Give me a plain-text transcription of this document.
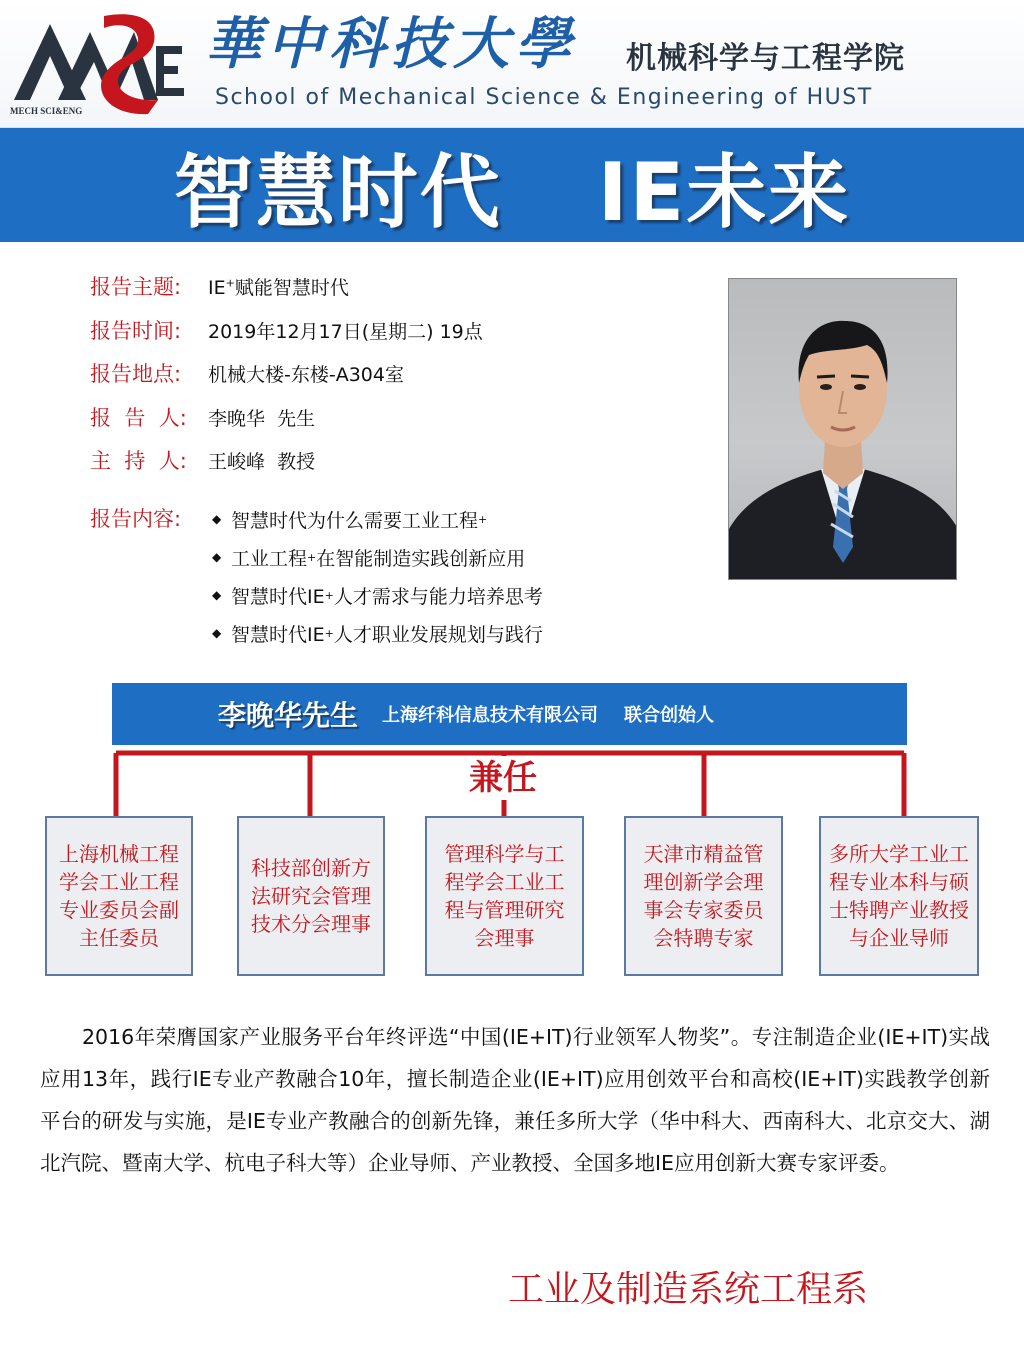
MECH SCI&ENG
華中科技大學 机械科学与工程学院
School of Mechanical Science & Engineering of HUST
智慧时代 IE未来
报告主题:	IE+赋能智慧时代
报告时间:	2019年12月17日(星期二) 19点
报告地点:	机械大楼-东楼-A304室
报  告  人:	李晚华  先生
主  持  人:	王峻峰  教授
报告内容:	◆ 智慧时代为什么需要工业工程 +
◆ 工业工程 + 在智能制造实践创新应用
◆ 智慧时代IE + 人才需求与能力培养思考
◆ 智慧时代IE + 人才职业发展规划与践行
李晚华先生 上海纤科信息技术有限公司 联合创始人
兼任
上海机械工程学会工业工程专业委员会副主任委员
科技部创新方法研究会管理技术分会理事
管理科学与工程学会工业工程与管理研究会理事
天津市精益管理创新学会理事会专家委员会特聘专家
多所大学工业工程专业本科与硕士特聘产业教授与企业导师

2016年荣膺国家产业服务平台年终评选“中国(IE+IT)行业领军人物奖”。专注制造企业(IE+IT)实战应用13年，践行IE专业产教融合10年，擅长制造企业(IE+IT)应用创效平台和高校(IE+IT)实践教学创新平台的研发与实施，是IE专业产教融合的创新先锋，兼任多所大学（华中科大、西南科大、北京交大、湖北汽院、暨南大学、杭电子科大等）企业导师、产业教授、全国多地IE应用创新大赛专家评委。

工业及制造系统工程系
